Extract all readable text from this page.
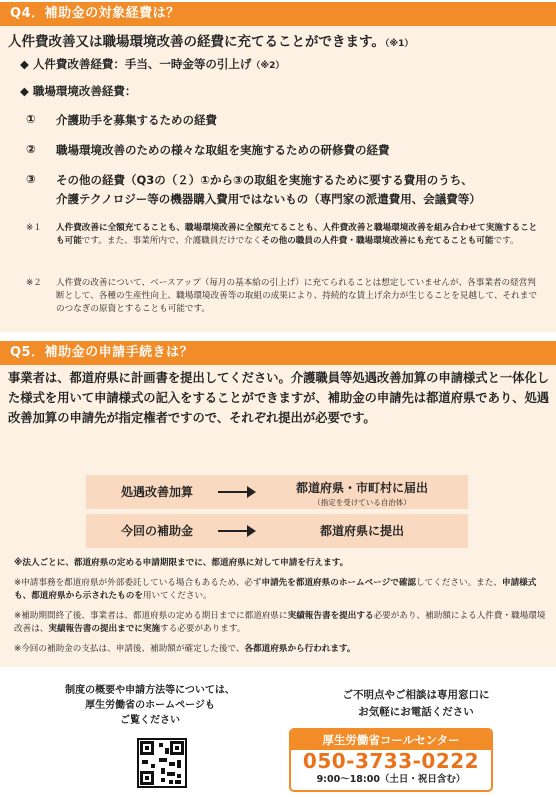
Q4．補助金の対象経費は？
人件費改善又は職場環境改善の経費に充てることができます。（※1）
◆ 人件費改善経費：手当、一時金等の引上げ（※2）
◆ 職場環境改善経費：
① 介護助手を募集するための経費
② 職場環境改善のための様々な取組を実施するための研修費の経費
③ その他の経費（Q3の（２）①から③の取組を実施するために要する費用のうち、
介護テクノロジー等の機器購入費用ではないもの（専門家の派遣費用、会議費等）
※１ 人件費改善に全額充てることも、職場環境改善に全額充てることも、人件費改善と職場環境改善を組み合わせて実施することも可能です。また、事業所内で、介護職員だけでなくその他の職員の人件費・職場環境改善にも充てることも可能です。
※２ 人件費の改善について、ベースアップ（毎月の基本給の引上げ）に充てられることは想定していませんが、各事業者の経営判断として、各種の生産性向上、職場環境改善等の取組の成果により、持続的な賃上げ余力が生じることを見越して、それまでのつなぎの原資とすることも可能です。
Q5．補助金の申請手続きは？
事業者は、都道府県に計画書を提出してください。介護職員等処遇改善加算の申請様式と一体化した様式を用いて申請様式の記入をすることができますが、補助金の申請先は都道府県であり、処遇改善加算の申請先が指定権者ですので、それぞれ提出が必要です。
処遇改善加算	都道府県・市町村に届出
（指定を受けている自治体）
今回の補助金	都道府県に提出
※法人ごとに、都道府県の定める申請期限までに、都道府県に対して申請を行えます。
※申請事務を都道府県が外部委託している場合もあるため、必ず申請先を都道府県のホームページで確認してください。また、申請様式も、都道府県から示されたものを用いてください。
※補助期間終了後、事業者は、都道府県の定める期日までに都道府県に実績報告書を提出する必要があり、補助額による人件費・職場環境改善は、実績報告書の提出までに実施する必要があります。
※今回の補助金の支払は、申請後、補助額が確定した後で、各都道府県から行われます。
制度の概要や申請方法等については、
厚生労働省のホームページも
ご覧ください
ご不明点やご相談は専用窓口に
お気軽にお電話ください
厚生労働省コールセンター
050-3733-0222
9:00～18:00（土日・祝日含む）
